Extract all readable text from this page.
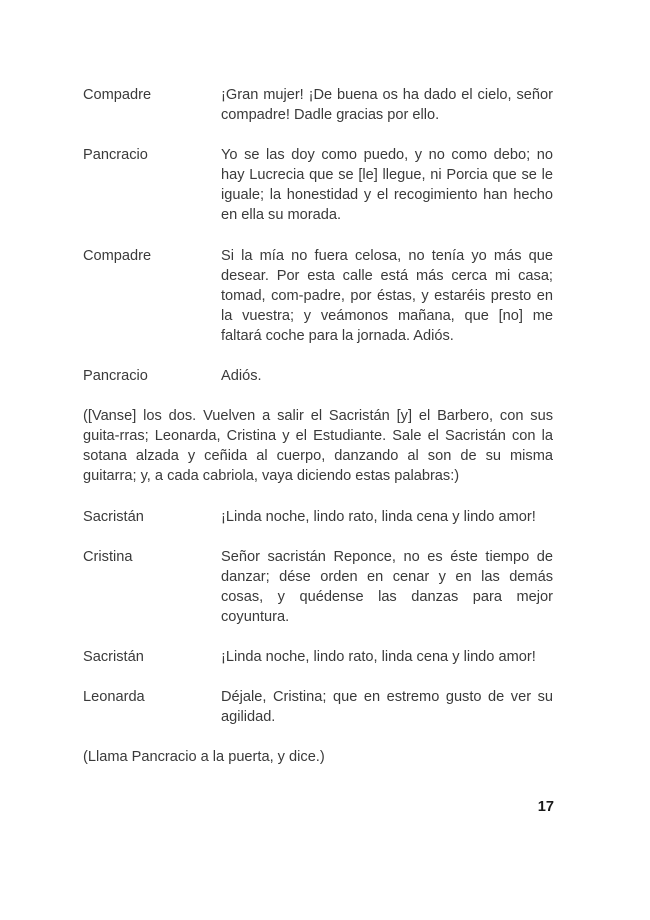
Compadre	¡Gran mujer! ¡De buena os ha dado el cielo, señor compadre! Dadle gracias por ello.
Pancracio	Yo se las doy como puedo, y no como debo; no hay Lucrecia que se [le] llegue, ni Porcia que se le iguale; la honestidad y el recogimiento han hecho en ella su morada.
Compadre	Si la mía no fuera celosa, no tenía yo más que desear. Por esta calle está más cerca mi casa; tomad, com-padre, por éstas, y estaréis presto en la vuestra; y veámonos mañana, que [no] me faltará coche para la jornada. Adiós.
Pancracio	Adiós.
([Vanse] los dos. Vuelven a salir el Sacristán [y] el Barbero, con sus guita-rras; Leonarda, Cristina y el Estudiante. Sale el Sacristán con la sotana alzada y ceñida al cuerpo, danzando al son de su misma guitarra; y, a cada cabriola, vaya diciendo estas palabras:)
Sacristán	¡Linda noche, lindo rato, linda cena y lindo amor!
Cristina	Señor sacristán Reponce, no es éste tiempo de danzar; dése orden en cenar y en las demás cosas, y quédense las danzas para mejor coyuntura.
Sacristán	¡Linda noche, lindo rato, linda cena y lindo amor!
Leonarda	Déjale, Cristina; que en estremo gusto de ver su agilidad.
(Llama Pancracio a la puerta, y dice.)
17
